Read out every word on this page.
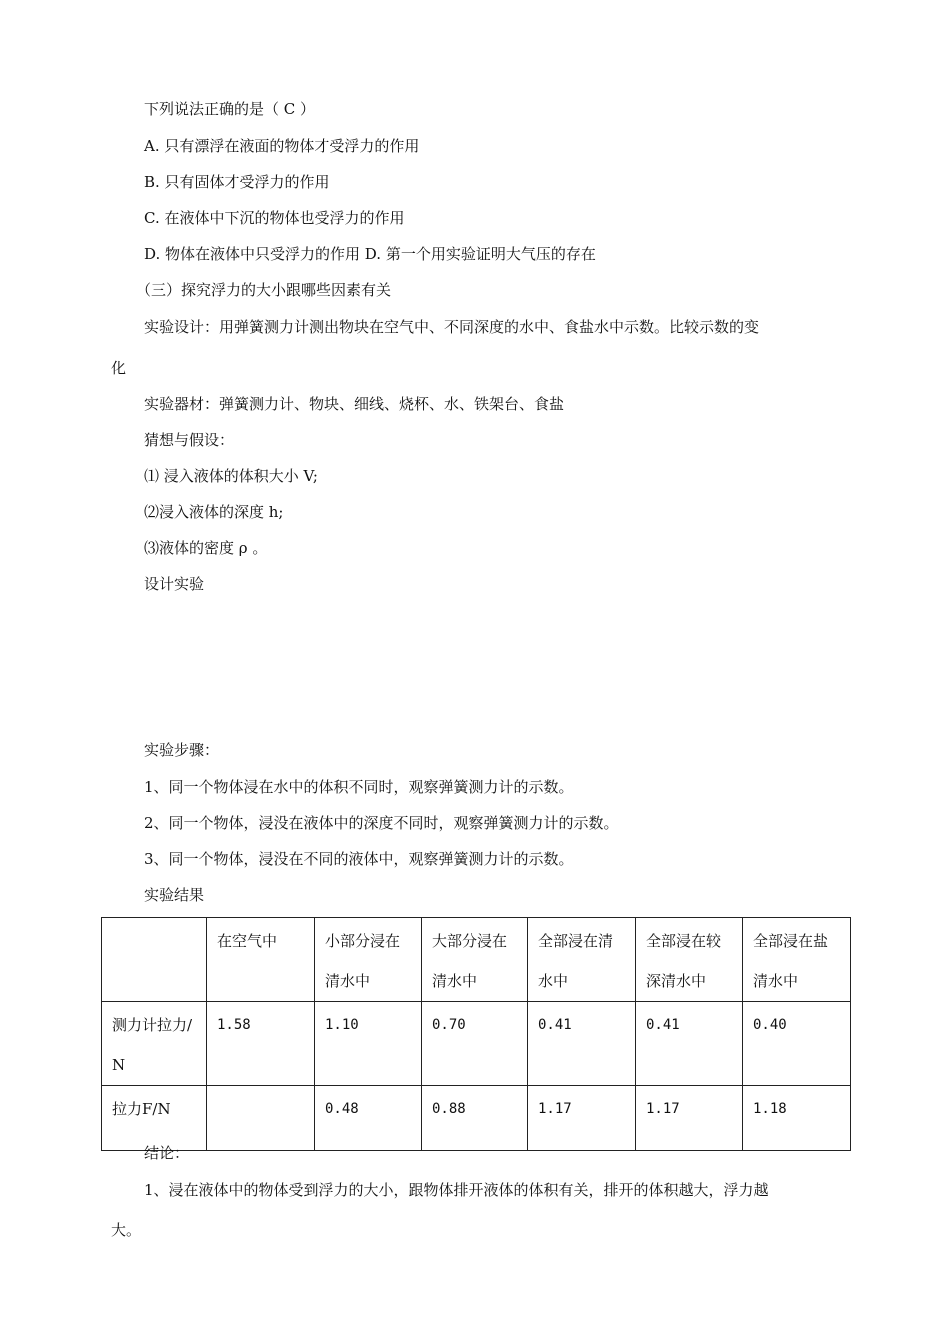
下列说法正确的是（ C ）
A. 只有漂浮在液面的物体才受浮力的作用
B. 只有固体才受浮力的作用
C. 在液体中下沉的物体也受浮力的作用
D. 物体在液体中只受浮力的作用 D. 第一个用实验证明大气压的存在
（三）探究浮力的大小跟哪些因素有关
实验设计：用弹簧测力计测出物块在空气中、不同深度的水中、食盐水中示数。比较示数的变
化
实验器材：弹簧测力计、物块、细线、烧杯、水、铁架台、食盐
猜想与假设：
⑴ 浸入液体的体积大小 V;
⑵浸入液体的深度 h;
⑶液体的密度 ρ 。
设计实验
实验步骤：
1、同一个物体浸在水中的体积不同时，观察弹簧测力计的示数。
2、同一个物体，浸没在液体中的深度不同时，观察弹簧测力计的示数。
3、同一个物体，浸没在不同的液体中，观察弹簧测力计的示数。
实验结果
	在空气中	小部分浸在清水中	大部分浸在清水中	全部浸在清水中	全部浸在较深清水中	全部浸在盐清水中
测力计拉力/N	1.58	1.10	0.70	0.41	0.41	0.40
拉力F/N		0.48	0.88	1.17	1.17	1.18
结论：
1、浸在液体中的物体受到浮力的大小，跟物体排开液体的体积有关，排开的体积越大，浮力越
大。
